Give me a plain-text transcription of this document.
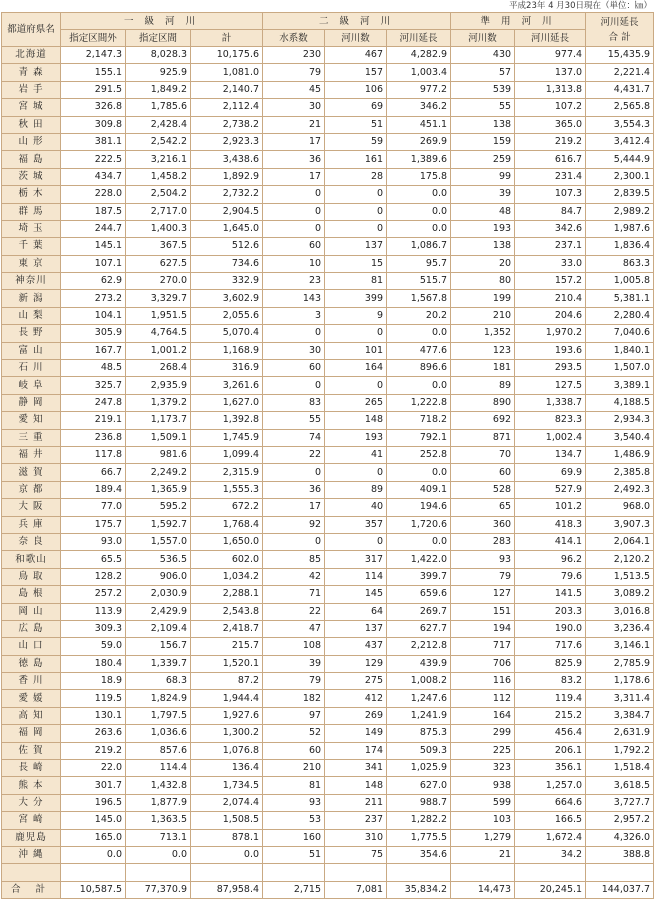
平成23年 4 月30日現在（単位：㎞）
都道府県名	一 級 河 川			二 級 河 川			準 用 河 川		河川延長
合 計
	指定区間外	指定区間	計	水系数	河川数	河川延長	河川数	河川延長	
北海道	2,147.3	8,028.3	10,175.6	230	467	4,282.9	430	977.4	15,435.9
青 森	155.1	925.9	1,081.0	79	157	1,003.4	57	137.0	2,221.4
岩 手	291.5	1,849.2	2,140.7	45	106	977.2	539	1,313.8	4,431.7
宮 城	326.8	1,785.6	2,112.4	30	69	346.2	55	107.2	2,565.8
秋 田	309.8	2,428.4	2,738.2	21	51	451.1	138	365.0	3,554.3
山 形	381.1	2,542.2	2,923.3	17	59	269.9	159	219.2	3,412.4
福 島	222.5	3,216.1	3,438.6	36	161	1,389.6	259	616.7	5,444.9
茨 城	434.7	1,458.2	1,892.9	17	28	175.8	99	231.4	2,300.1
栃 木	228.0	2,504.2	2,732.2	0	0	0.0	39	107.3	2,839.5
群 馬	187.5	2,717.0	2,904.5	0	0	0.0	48	84.7	2,989.2
埼 玉	244.7	1,400.3	1,645.0	0	0	0.0	193	342.6	1,987.6
千 葉	145.1	367.5	512.6	60	137	1,086.7	138	237.1	1,836.4
東 京	107.1	627.5	734.6	10	15	95.7	20	33.0	863.3
神奈川	62.9	270.0	332.9	23	81	515.7	80	157.2	1,005.8
新 潟	273.2	3,329.7	3,602.9	143	399	1,567.8	199	210.4	5,381.1
山 梨	104.1	1,951.5	2,055.6	3	9	20.2	210	204.6	2,280.4
長 野	305.9	4,764.5	5,070.4	0	0	0.0	1,352	1,970.2	7,040.6
富 山	167.7	1,001.2	1,168.9	30	101	477.6	123	193.6	1,840.1
石 川	48.5	268.4	316.9	60	164	896.6	181	293.5	1,507.0
岐 阜	325.7	2,935.9	3,261.6	0	0	0.0	89	127.5	3,389.1
静 岡	247.8	1,379.2	1,627.0	83	265	1,222.8	890	1,338.7	4,188.5
愛 知	219.1	1,173.7	1,392.8	55	148	718.2	692	823.3	2,934.3
三 重	236.8	1,509.1	1,745.9	74	193	792.1	871	1,002.4	3,540.4
福 井	117.8	981.6	1,099.4	22	41	252.8	70	134.7	1,486.9
滋 賀	66.7	2,249.2	2,315.9	0	0	0.0	60	69.9	2,385.8
京 都	189.4	1,365.9	1,555.3	36	89	409.1	528	527.9	2,492.3
大 阪	77.0	595.2	672.2	17	40	194.6	65	101.2	968.0
兵 庫	175.7	1,592.7	1,768.4	92	357	1,720.6	360	418.3	3,907.3
奈 良	93.0	1,557.0	1,650.0	0	0	0.0	283	414.1	2,064.1
和歌山	65.5	536.5	602.0	85	317	1,422.0	93	96.2	2,120.2
鳥 取	128.2	906.0	1,034.2	42	114	399.7	79	79.6	1,513.5
島 根	257.2	2,030.9	2,288.1	71	145	659.6	127	141.5	3,089.2
岡 山	113.9	2,429.9	2,543.8	22	64	269.7	151	203.3	3,016.8
広 島	309.3	2,109.4	2,418.7	47	137	627.7	194	190.0	3,236.4
山 口	59.0	156.7	215.7	108	437	2,212.8	717	717.6	3,146.1
徳 島	180.4	1,339.7	1,520.1	39	129	439.9	706	825.9	2,785.9
香 川	18.9	68.3	87.2	79	275	1,008.2	116	83.2	1,178.6
愛 媛	119.5	1,824.9	1,944.4	182	412	1,247.6	112	119.4	3,311.4
高 知	130.1	1,797.5	1,927.6	97	269	1,241.9	164	215.2	3,384.7
福 岡	263.6	1,036.6	1,300.2	52	149	875.3	299	456.4	2,631.9
佐 賀	219.2	857.6	1,076.8	60	174	509.3	225	206.1	1,792.2
長 崎	22.0	114.4	136.4	210	341	1,025.9	323	356.1	1,518.4
熊 本	301.7	1,432.8	1,734.5	81	148	627.0	938	1,257.0	3,618.5
大 分	196.5	1,877.9	2,074.4	93	211	988.7	599	664.6	3,727.7
宮 崎	145.0	1,363.5	1,508.5	53	237	1,282.2	103	166.5	2,957.2
鹿児島	165.0	713.1	878.1	160	310	1,775.5	1,279	1,672.4	4,326.0
沖 縄	0.0	0.0	0.0	51	75	354.6	21	34.2	388.8

合 計	10,587.5	77,370.9	87,958.4	2,715	7,081	35,834.2	14,473	20,245.1	144,037.7
